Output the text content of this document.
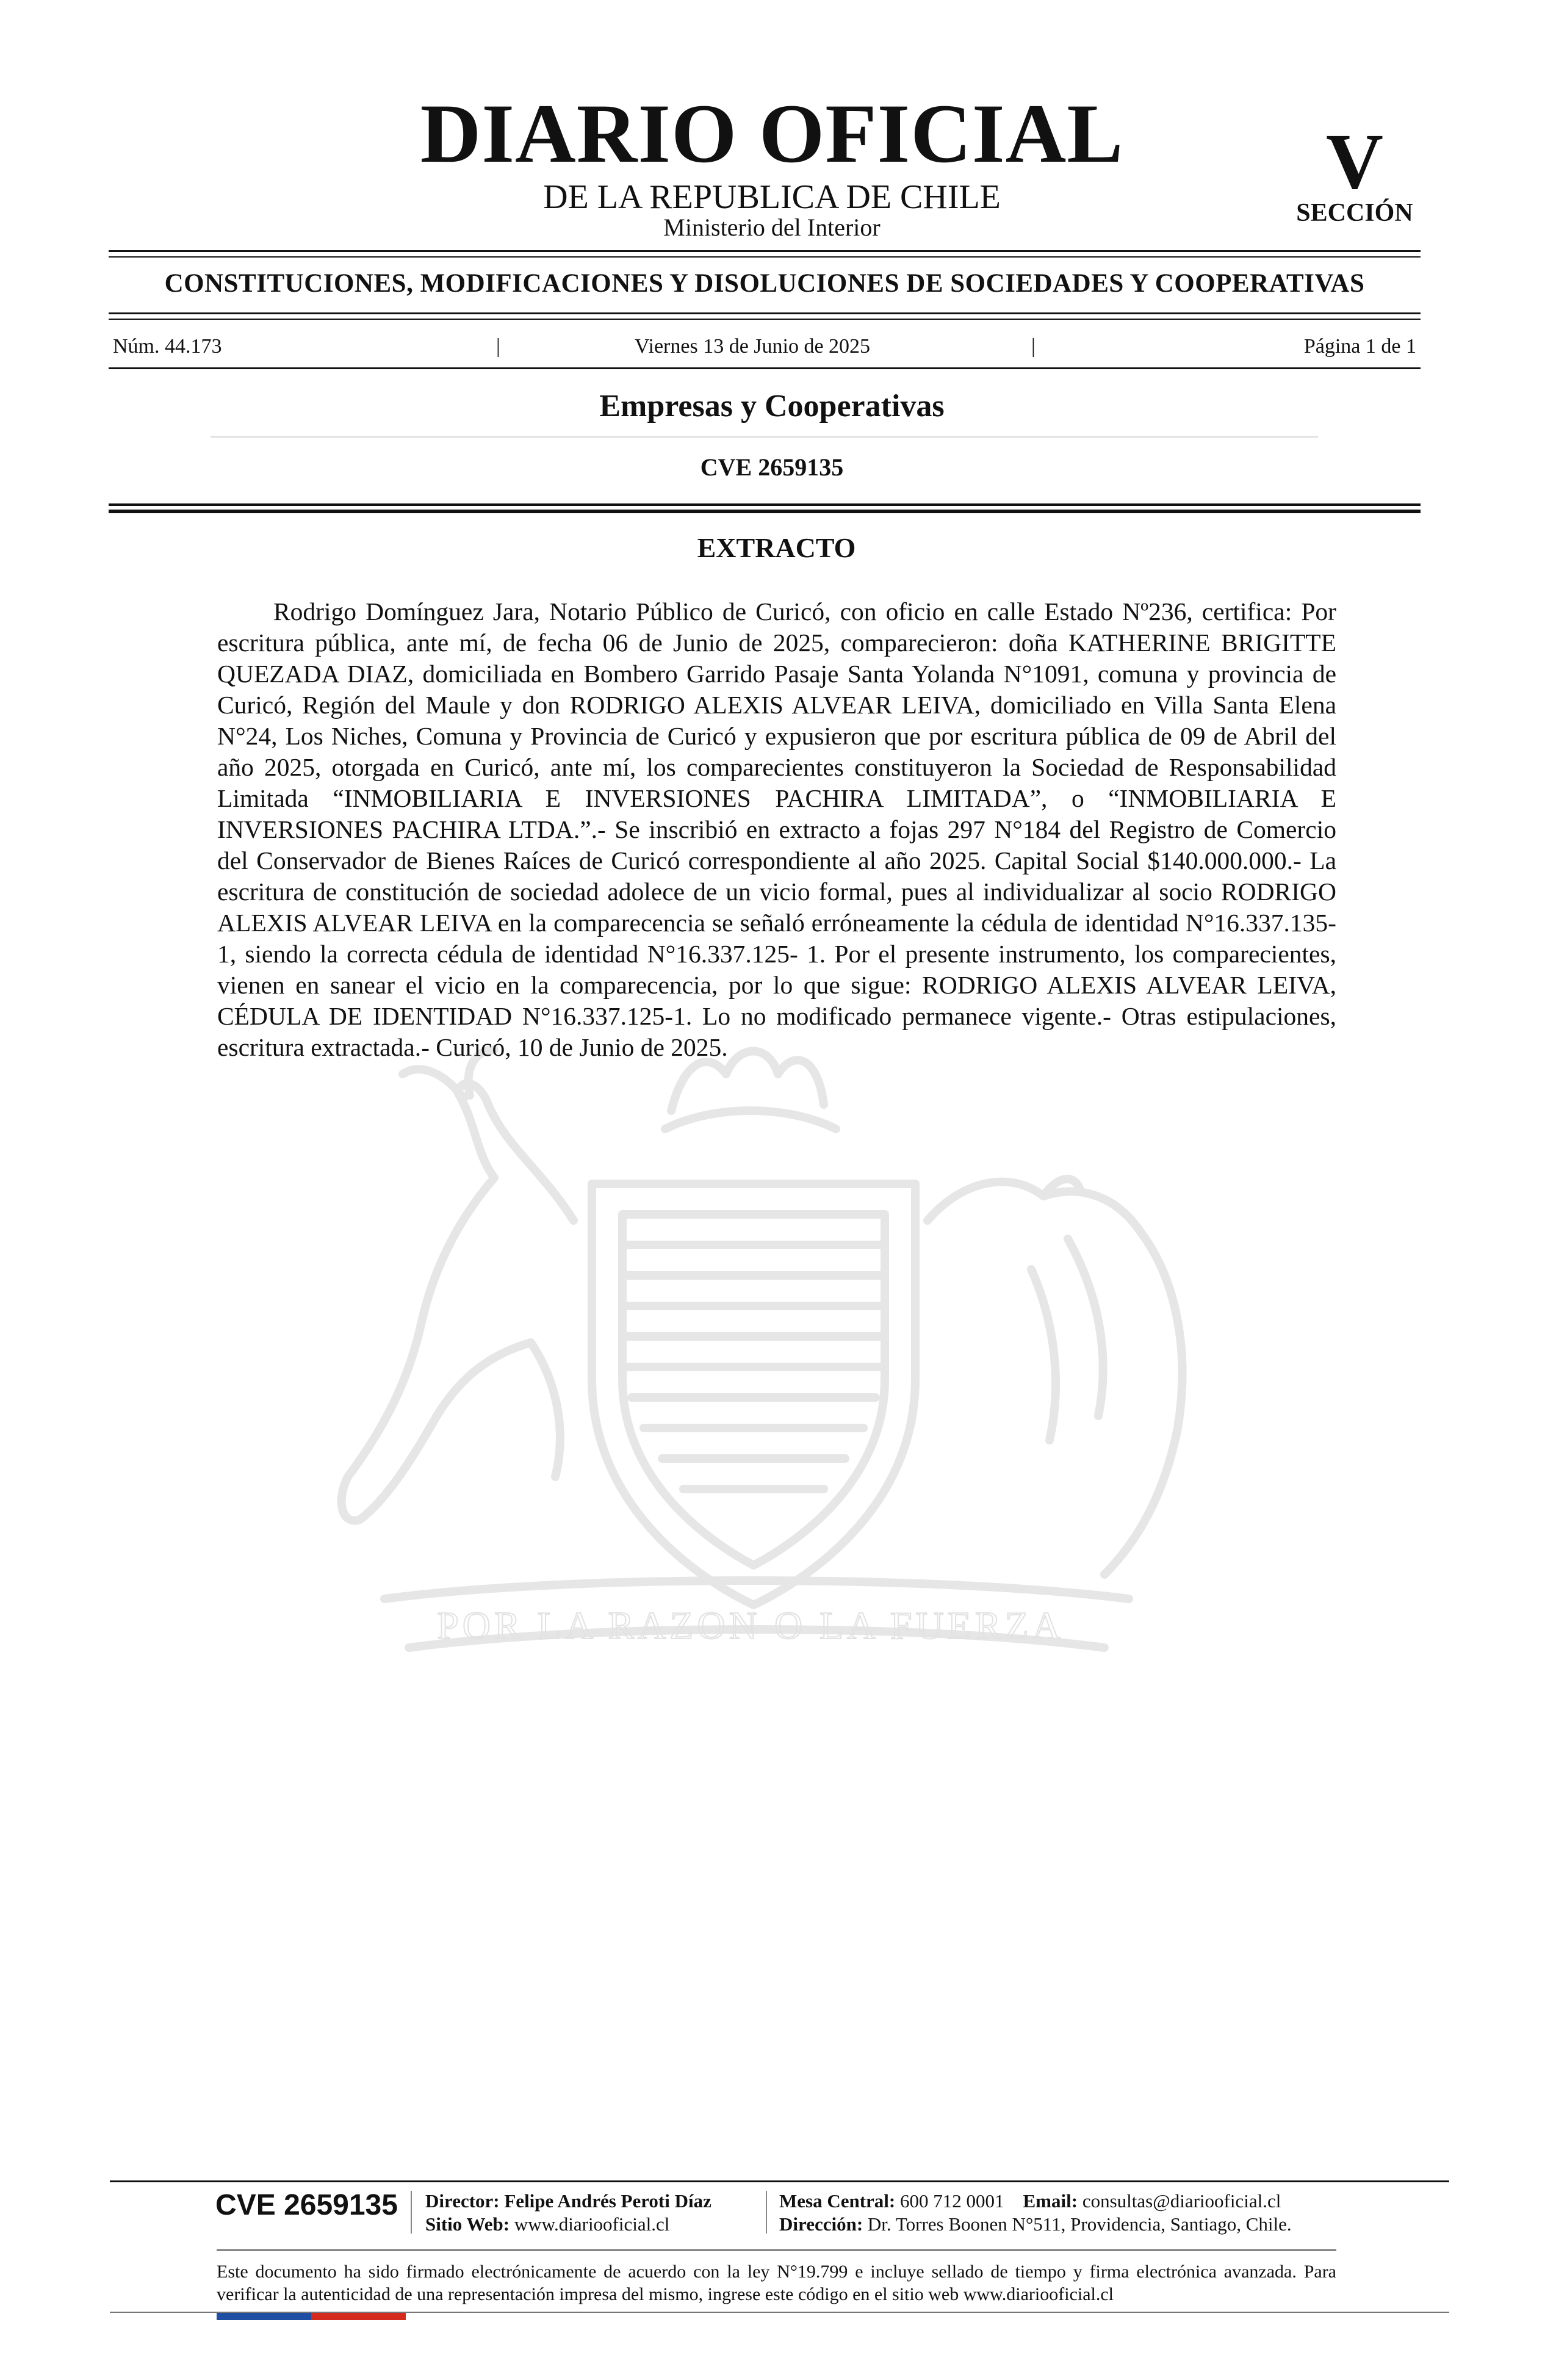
DIARIO OFICIAL
DE LA REPUBLICA DE CHILE
Ministerio del Interior
V
SECCIÓN
CONSTITUCIONES, MODIFICACIONES Y DISOLUCIONES DE SOCIEDADES Y COOPERATIVAS
Núm. 44.173	|	Viernes 13 de Junio de 2025	|	Página 1 de 1
Empresas y Cooperativas
CVE 2659135
POR LA RAZON O LA FUERZA
EXTRACTO

Rodrigo Domínguez Jara, Notario Público de Curicó, con oficio en calle Estado Nº236, certifica: Por escritura pública, ante mí, de fecha 06 de Junio de 2025, comparecieron: doña KATHERINE BRIGITTE QUEZADA DIAZ, domiciliada en Bombero Garrido Pasaje Santa Yolanda N°1091, comuna y provincia de Curicó, Región del Maule y don RODRIGO ALEXIS ALVEAR LEIVA, domiciliado en Villa Santa Elena N°24, Los Niches, Comuna y Provincia de Curicó y expusieron que por escritura pública de 09 de Abril del año 2025, otorgada en Curicó, ante mí, los comparecientes constituyeron la Sociedad de Responsabilidad Limitada “INMOBILIARIA E INVERSIONES PACHIRA LIMITADA”, o “INMOBILIARIA E INVERSIONES PACHIRA LTDA.”.- Se inscribió en extracto a fojas 297 N°184 del Registro de Comercio del Conservador de Bienes Raíces de Curicó correspondiente al año 2025. Capital Social $140.000.000.- La escritura de constitución de sociedad adolece de un vicio formal, pues al individualizar al socio RODRIGO ALEXIS ALVEAR LEIVA en la comparecencia se señaló erróneamente la cédula de identidad N°16.337.135-1, siendo la correcta cédula de identidad N°16.337.125- 1. Por el presente instrumento, los comparecientes, vienen en sanear el vicio en la comparecencia, por lo que sigue: RODRIGO ALEXIS ALVEAR LEIVA, CÉDULA DE IDENTIDAD N°16.337.125-1. Lo no modificado permanece vigente.- Otras estipulaciones, escritura extractada.- Curicó, 10 de Junio de 2025.

CVE 2659135	Director: Felipe Andrés Peroti Díaz
Sitio Web: www.diariooficial.cl
Mesa Central: 600 712 0001 Email: consultas@diariooficial.cl
Dirección: Dr. Torres Boonen N°511, Providencia, Santiago, Chile.
Este documento ha sido firmado electrónicamente de acuerdo con la ley N°19.799 e incluye sellado de tiempo y firma electrónica avanzada. Para verificar la autenticidad de una representación impresa del mismo, ingrese este código en el sitio web www.diariooficial.cl
